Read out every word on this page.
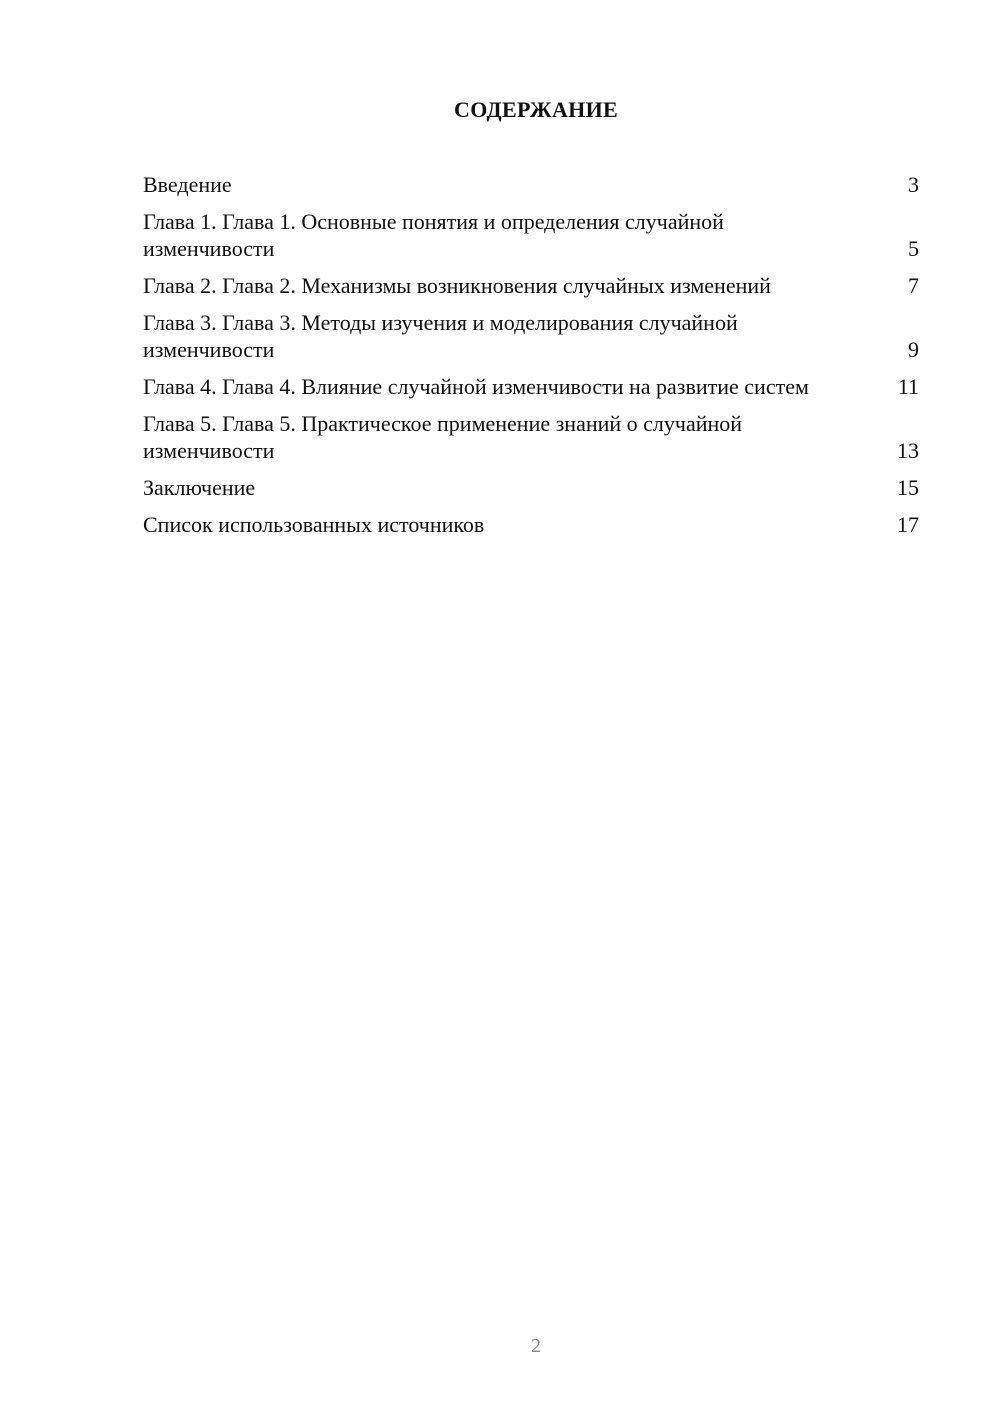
СОДЕРЖАНИЕ
Введение	3
Глава 1. Глава 1. Основные понятия и определения случайной изменчивости	5
Глава 2. Глава 2. Механизмы возникновения случайных изменений	7
Глава 3. Глава 3. Методы изучения и моделирования случайной изменчивости	9
Глава 4. Глава 4. Влияние случайной изменчивости на развитие систем	11
Глава 5. Глава 5. Практическое применение знаний о случайной изменчивости	13
Заключение	15
Список использованных источников	17
2
